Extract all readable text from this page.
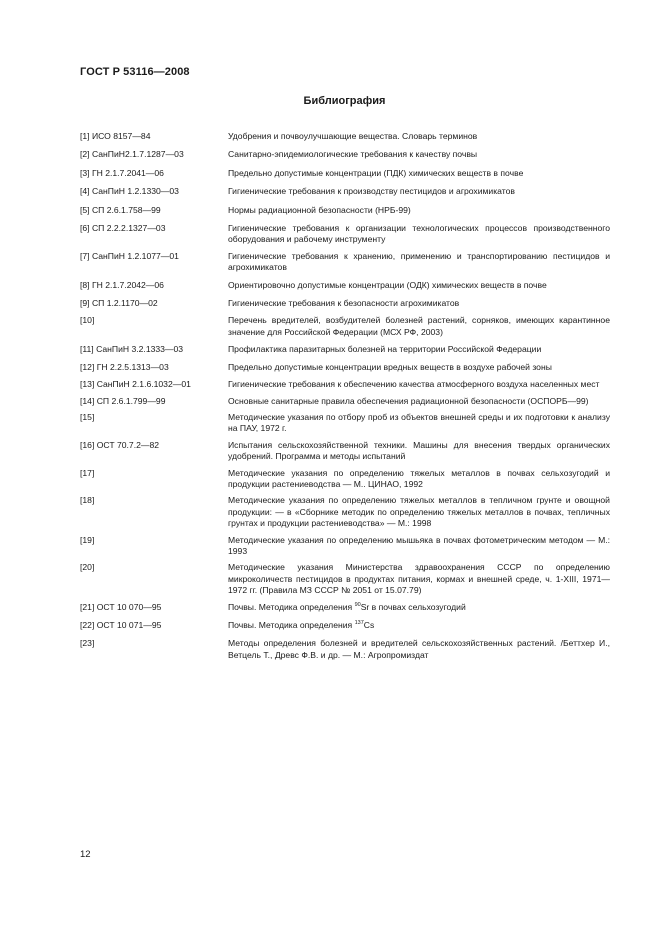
ГОСТ Р 53116—2008
Библиография
[1] ИСО 8157—84	Удобрения и почвоулучшающие вещества. Словарь терминов
[2] СанПиН2.1.7.1287—03	Санитарно-эпидемиологические требования к качеству почвы
[3] ГН 2.1.7.2041—06	Предельно допустимые концентрации (ПДК) химических веществ в почве
[4] СанПиН 1.2.1330—03	Гигиенические требования к производству пестицидов и агрохимикатов
[5] СП 2.6.1.758—99	Нормы радиационной безопасности (НРБ-99)
[6] СП 2.2.2.1327—03	Гигиенические требования к организации технологических процессов производственного оборудования и рабочему инструменту
[7] СанПиН 1.2.1077—01	Гигиенические требования к хранению, применению и транспортированию пестицидов и агрохимикатов
[8] ГН 2.1.7.2042—06	Ориентировочно допустимые концентрации (ОДК) химических веществ в почве
[9] СП 1.2.1170—02	Гигиенические требования к безопасности агрохимикатов
[10]	Перечень вредителей, возбудителей болезней растений, сорняков, имеющих карантинное значение для Российской Федерации (МСХ РФ, 2003)
[11] СанПиН 3.2.1333—03	Профилактика паразитарных болезней на территории Российской Федерации
[12] ГН 2.2.5.1313—03	Предельно допустимые концентрации вредных веществ в воздухе рабочей зоны
[13] СанПиН 2.1.6.1032—01	Гигиенические требования к обеспечению качества атмосферного воздуха населенных мест
[14] СП 2.6.1.799—99	Основные санитарные правила обеспечения радиационной безопасности (ОСПОРБ—99)
[15]	Методические указания по отбору проб из объектов внешней среды и их подготовки к анализу на ПАУ, 1972 г.
[16] ОСТ 70.7.2—82	Испытания сельскохозяйственной техники. Машины для внесения твердых органических удобрений. Программа и методы испытаний
[17]	Методические указания по определению тяжелых металлов в почвах сельхозугодий и продукции растениеводства — М.. ЦИНАО, 1992
[18]	Методические указания по определению тяжелых металлов в тепличном грунте и овощной продукции: — в «Сборнике методик по определению тяжелых металлов в почвах, тепличных грунтах и продукции растениеводства» — М.: 1998
[19]	Методические указания по определению мышьяка в почвах фотометрическим методом — М.: 1993
[20]	Методические указания Министерства здравоохранения СССР по определению микроколичеств пестицидов в продуктах питания, кормах и внешней среде, ч. 1-XIII, 1971—1972 гг. (Правила МЗ СССР № 2051 от 15.07.79)
[21] ОСТ 10 070—95	Почвы. Методика определения $^{90}$Sr в почвах сельхозугодий
[22] ОСТ 10 071—95	Почвы. Методика определения $^{137}$Cs
[23]	Методы определения болезней и вредителей сельскохозяйственных растений. /Беттхер И., Ветцель Т., Древс Ф.В. и др. — М.: Агропромиздат
12
